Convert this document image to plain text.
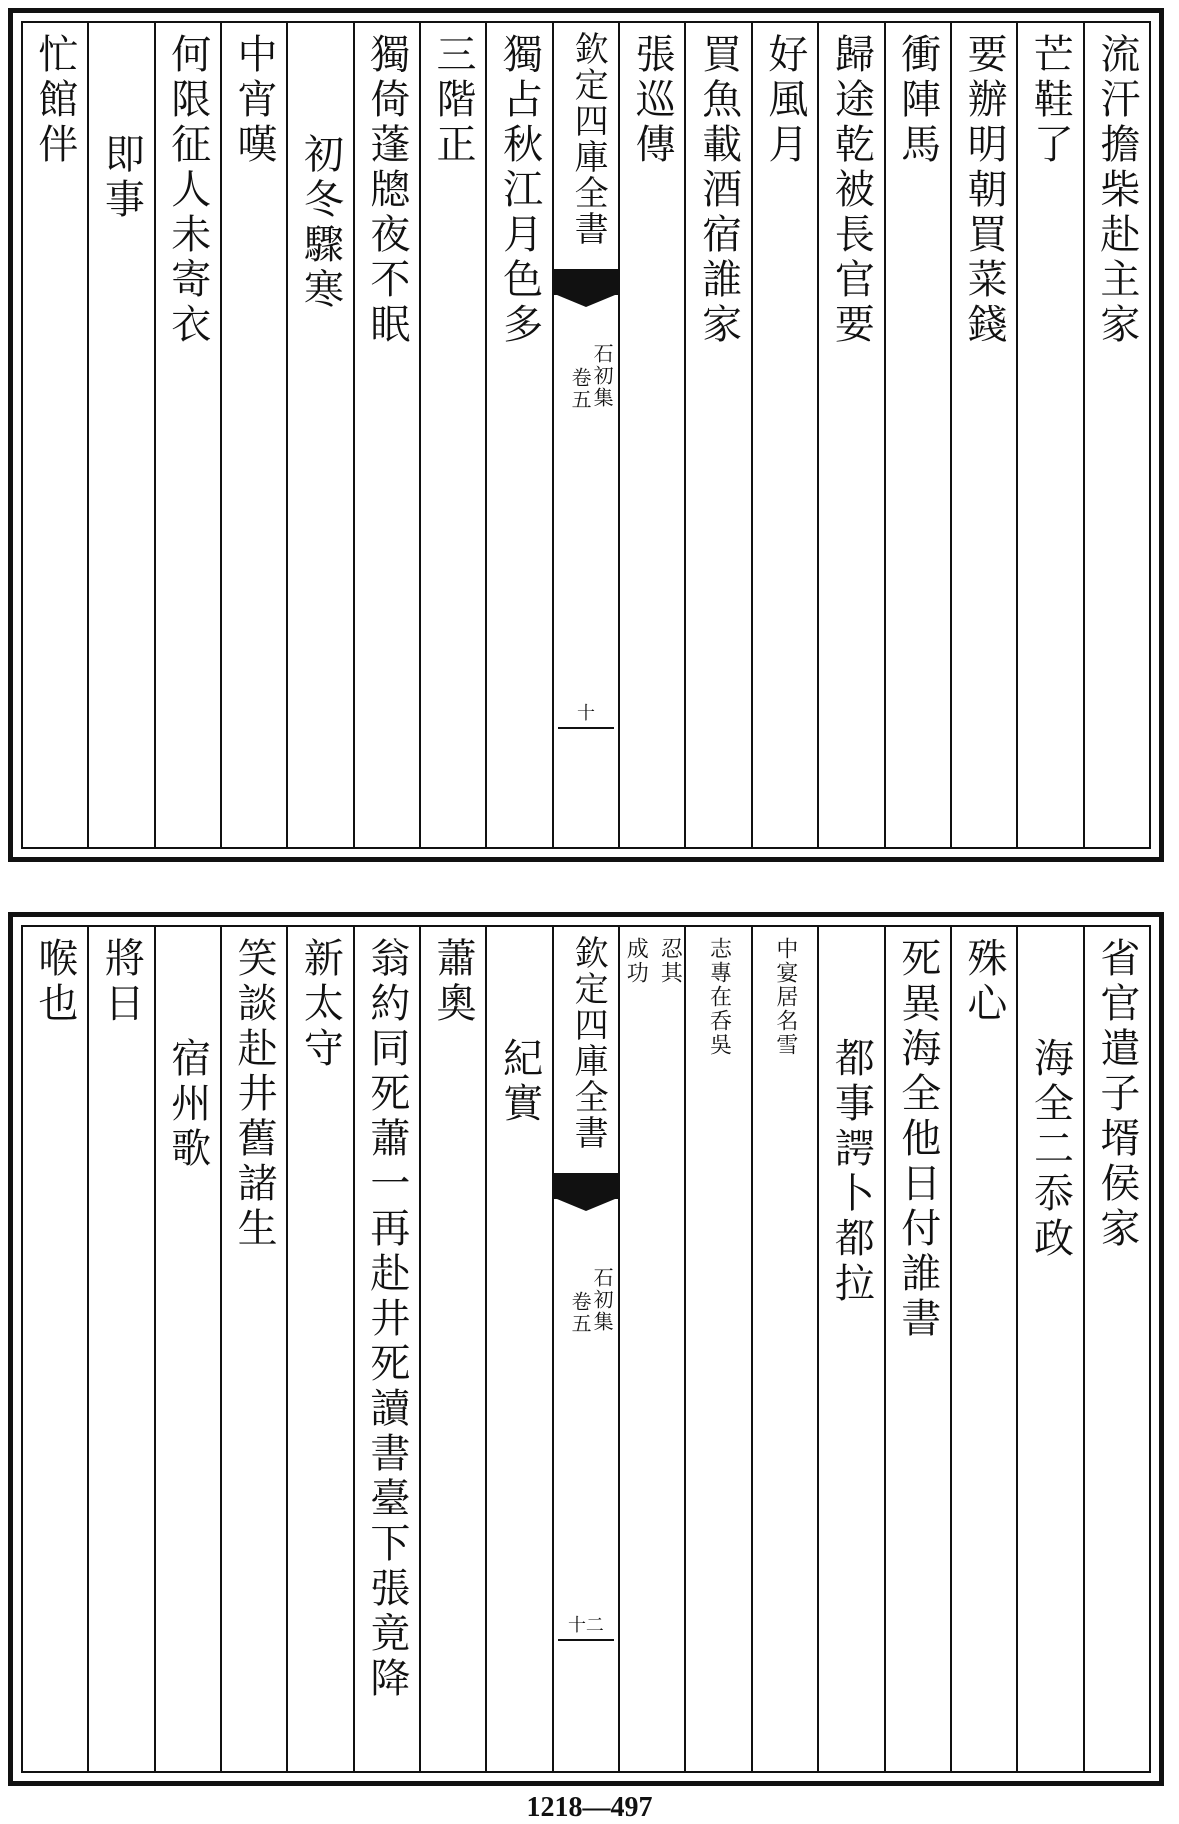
流汗擔柴赴主家
芒鞋了
要辦明朝買菜錢
衝陣馬
歸途乾被長官要
好風月
買魚載酒宿誰家
張巡傳
欽定四庫全書
石初集
卷五
十
獨占秋江月色多
三階正
獨倚蓬牕夜不眠
初冬驟寒
中宵嘆
何限征人未寄衣
即事
忙館伴
省官遣子壻侯家
海全二忝政
殊心
死異海全他日付誰書
都事諤卜都拉
中宴居名雪
志專在呑吳
忍其
成功
欽定四庫全書
石初集
卷五
十二
紀實
蕭奧
翁約同死蕭一再赴井死讀書臺下張竟降
新太守
笑談赴井舊諸生
宿州歌
將日
喉也
1218—497
